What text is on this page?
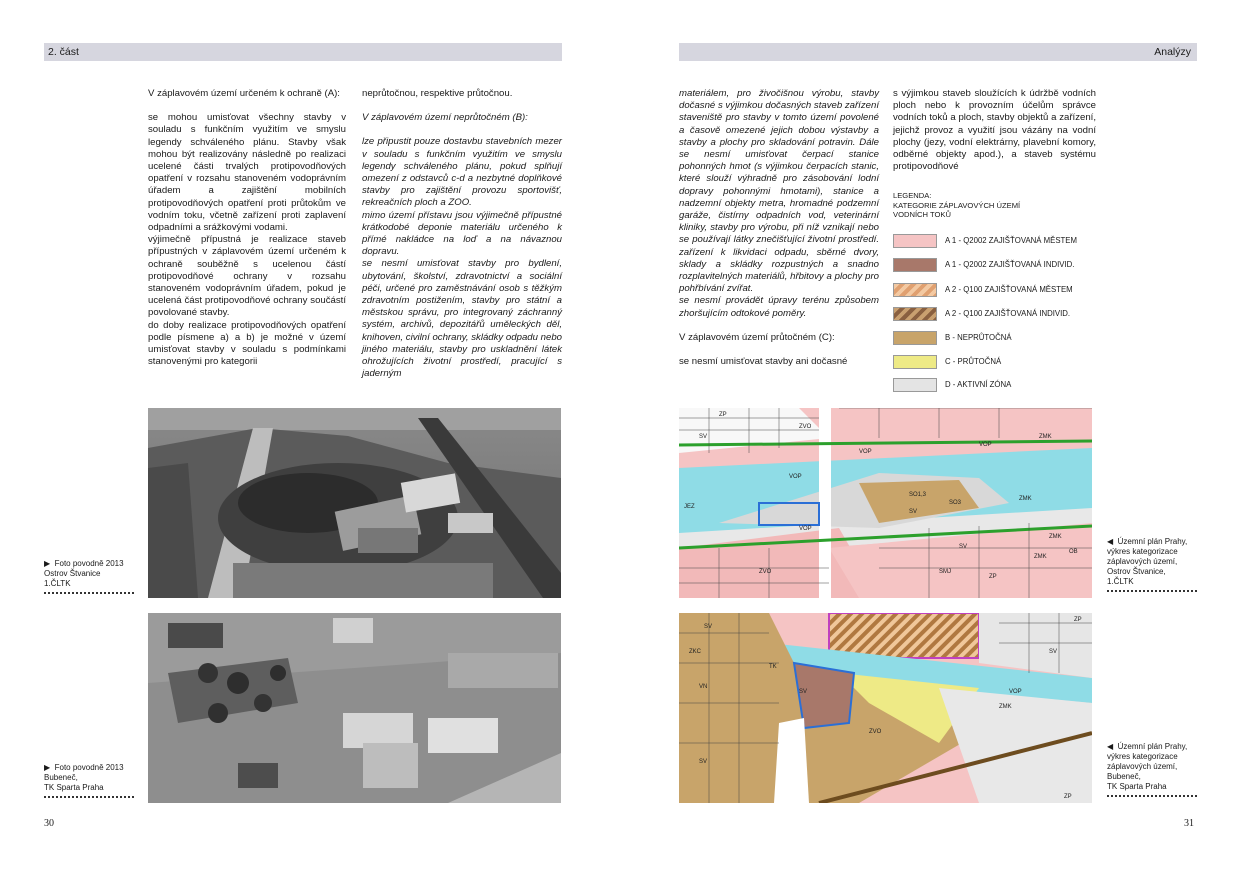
2. část	Analýzy

V záplavovém území určeném k ochraně (A):

se mohou umisťovat všechny stavby v souladu s funkčním využitím ve smyslu legendy schváleného plánu. Stavby však mohou být realizovány následně po realizaci ucelené části trvalých protipovodňových opatření v rozsahu stanoveném vodoprávním úřadem a zajištění mobilních protipovodňových opatření proti průtokům ve vodním toku, včetně zařízení proti zaplavení odpadními a srážkovými vodami.

výjimečně přípustná je realizace staveb přípustných v záplavovém území určeném k ochraně souběžně s ucelenou částí protipovodňové ochrany v rozsahu stanoveném vodoprávním úřadem, pokud je ucelená část protipovodňové ochrany součástí povolované stavby.

do doby realizace protipovodňových opatření podle písmene a) a b) je možné v území umisťovat stavby v souladu s podmínkami stanovenými pro kategorii

neprůtočnou, respektive průtočnou.

V záplavovém území neprůtočném (B):

lze připustit pouze dostavbu stavebních mezer v souladu s funkčním využitím ve smyslu legendy schváleného plánu, pokud splňují omezení z odstavců c-d a nezbytné doplňkové stavby pro zajištění provozu sportovišť, rekreačních ploch a ZOO.

mimo území přístavu jsou výjimečně přípustné krátkodobé deponie materiálu určeného k přímé nakládce na loď a na návaznou dopravu.

se nesmí umisťovat stavby pro bydlení, ubytování, školství, zdravotnictví a sociální péči, určené pro zaměstnávání osob s těžkým zdravotním postižením, stavby pro státní a městskou správu, pro integrovaný záchranný systém, archivů, depozitářů uměleckých děl, knihoven, civilní ochrany, skládky odpadu nebo jiného materiálu, stavby pro uskladnění látek ohrožujících životní prostředí, pracující s jaderným

materiálem, pro živočišnou výrobu, stavby dočasné s výjimkou dočasných staveb zařízení staveniště pro stavby v tomto území povolené a časově omezené jejich dobou výstavby a stavby a plochy pro skladování potravin. Dále se nesmí umisťovat čerpací stanice pohonných hmot (s výjimkou čerpacích stanic, které slouží výhradně pro zásobování lodní dopravy pohonnými hmotami), stanice a nadzemní objekty metra, hromadné podzemní garáže, čistírny odpadních vod, veterinární kliniky, stavby pro výrobu, při níž vznikají nebo se používají látky znečišťující životní prostředí. zařízení k likvidaci odpadu, sběrné dvory, sklady a skládky rozpustných a snadno rozplavitelných materiálů, hřbitovy a plochy pro pohřbívání zvířat.

se nesmí provádět úpravy terénu způsobem zhoršujícím odtokové poměry.

V záplavovém území průtočném (C):

se nesmí umisťovat stavby ani dočasné

s výjimkou staveb sloužících k údržbě vodních ploch nebo k provozním účelům správce vodních toků a ploch, stavby objektů a zařízení, jejichž provoz a využití jsou vázány na vodní plochy (jezy, vodní elektrárny, plavební komory, odběrné objekty apod.), a staveb systému protipovodňové

LEGENDA:
KATEGORIE ZÁPLAVOVÝCH ÚZEMÍ
VODNÍCH TOKŮ
A 1 - Q2002 ZAJIŠŤOVANÁ MĚSTEM
A 1 - Q2002 ZAJIŠŤOVANÁ INDIVID.
A 2 - Q100 ZAJIŠŤOVANÁ MĚSTEM
A 2 - Q100 ZAJIŠŤOVANÁ INDIVID.
B - NEPRŮTOČNÁ
C - PRŮTOČNÁ
D - AKTIVNÍ ZÓNA
▶  Foto povodně 2013
Ostrov Štvanice
1.ČLTK
▶  Foto povodně 2013
Bubeneč,
TK Sparta Praha
VOP
VOP
VOP
ZMK
ZMK
ZMK
SO1,3
SO3
SV
VOP
ZMK
JEZ
SV
ZVO
ZVO
ZP
SMJ
ZP
SV
OB
◀  Územní plán Prahy,
výkres kategorizace
záplavových území,
Ostrov Štvanice,
1.ČLTK
ZKC
SV
TK
SV
ZVO
VN
ZMK
VOP
SV
ZP
SV
ZP
◀  Územní plán Prahy,
výkres kategorizace
záplavových území,
Bubeneč,
TK Sparta Praha
30	31
